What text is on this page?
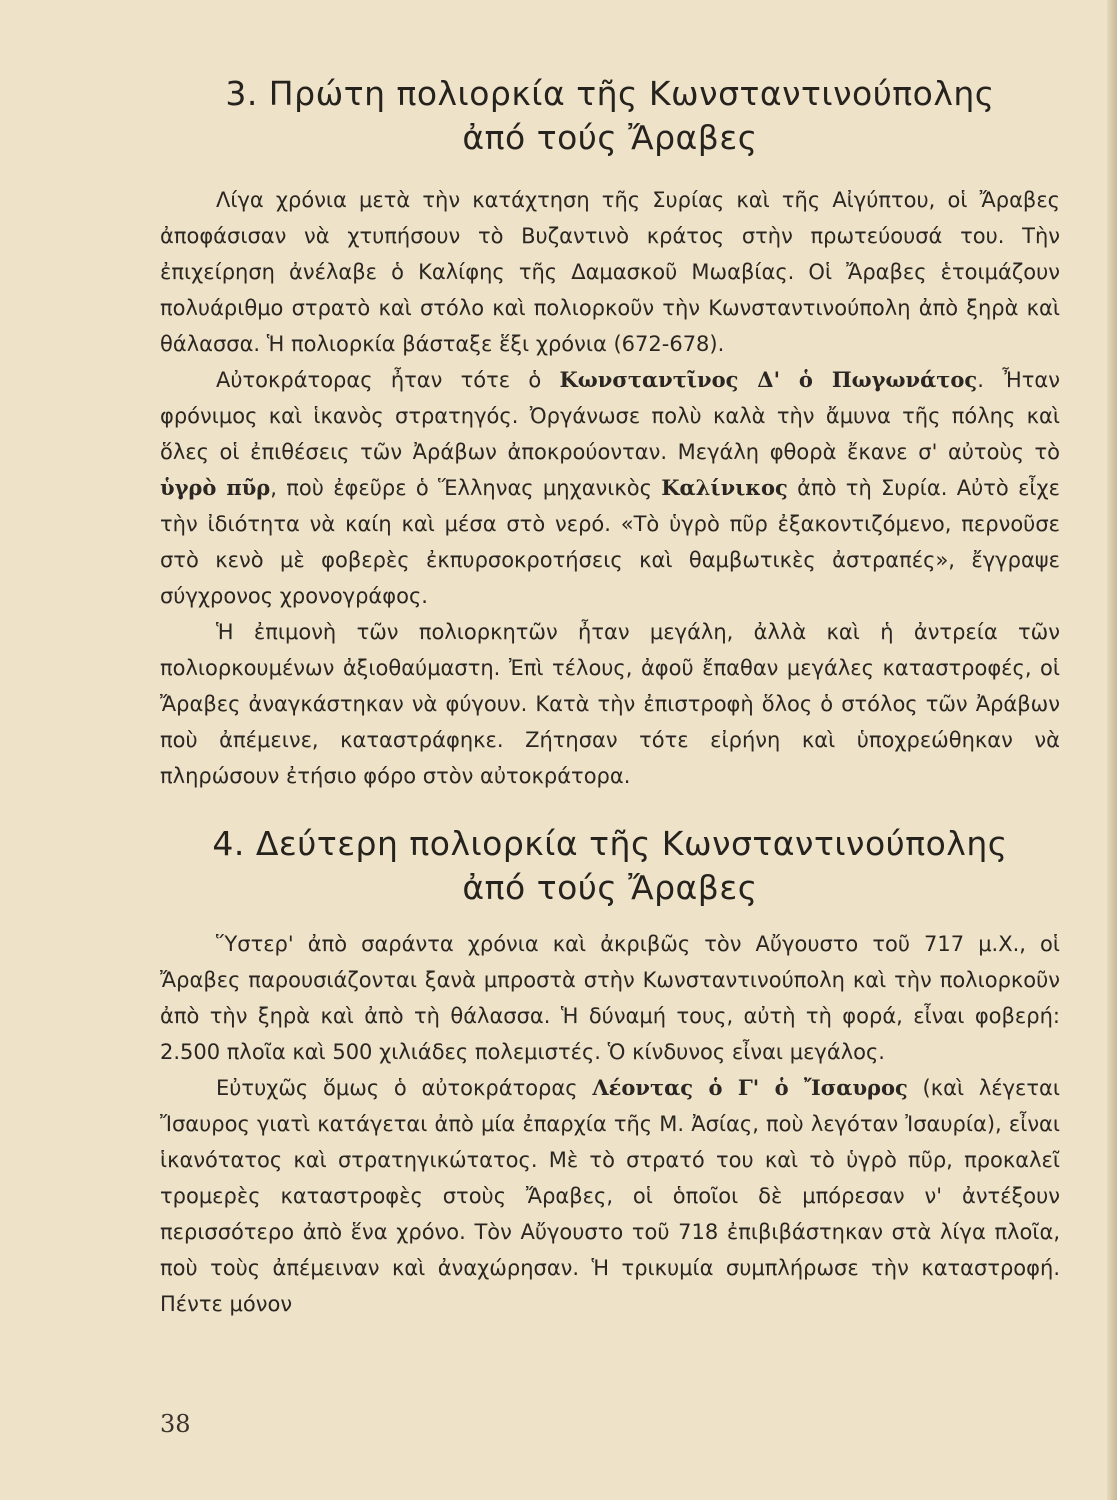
3. Πρώτη πολιορκία τῆς Κωνσταντινούπολης
ἀπό τούς Ἄραβες

Λίγα χρόνια μετὰ τὴν κατάχτηση τῆς Συρίας καὶ τῆς Αἰγύπτου, οἱ Ἄραβες ἀποφάσισαν νὰ χτυπήσουν τὸ Βυζαντινὸ κράτος στὴν πρωτεύουσά του. Τὴν ἐπιχείρηση ἀνέλαβε ὁ Καλίφης τῆς Δαμασκοῦ Μωαβίας. Οἱ Ἄραβες ἑτοιμάζουν πολυάριθμο στρατὸ καὶ στόλο καὶ πολιορκοῦν τὴν Κωνσταντινούπολη ἀπὸ ξηρὰ καὶ θάλασσα. Ἡ πολιορκία βάσταξε ἕξι χρόνια (672-678).

Αὐτοκράτορας ἦταν τότε ὁ Κωνσταντῖνος Δ' ὁ Πωγωνάτος. Ἦταν φρόνιμος καὶ ἱκανὸς στρατηγός. Ὀργάνωσε πολὺ καλὰ τὴν ἄμυνα τῆς πόλης καὶ ὅλες οἱ ἐπιθέσεις τῶν Ἀράβων ἀποκρούονταν. Μεγάλη φθορὰ ἔκανε σ' αὐτοὺς τὸ ὑγρὸ πῦρ, ποὺ ἐφεῦρε ὁ Ἕλληνας μηχανικὸς Καλίνικος ἀπὸ τὴ Συρία. Αὐτὸ εἶχε τὴν ἰδιότητα νὰ καίη καὶ μέσα στὸ νερό. «Τὸ ὑγρὸ πῦρ ἐξακοντιζόμενο, περνοῦσε στὸ κενὸ μὲ φοβερὲς ἐκπυρσοκροτήσεις καὶ θαμβωτικὲς ἀστραπές», ἔγγραψε σύγχρονος χρονογράφος.

Ἡ ἐπιμονὴ τῶν πολιορκητῶν ἦταν μεγάλη, ἀλλὰ καὶ ἡ ἀντρεία τῶν πολιορκουμένων ἀξιοθαύμαστη. Ἐπὶ τέλους, ἀφοῦ ἔπαθαν μεγάλες καταστροφές, οἱ Ἄραβες ἀναγκάστηκαν νὰ φύγουν. Κατὰ τὴν ἐπιστροφὴ ὅλος ὁ στόλος τῶν Ἀράβων ποὺ ἀπέμεινε, καταστράφηκε. Ζήτησαν τότε εἰρήνη καὶ ὑποχρεώθηκαν νὰ πληρώσουν ἐτήσιο φόρο στὸν αὐτοκράτορα.

4. Δεύτερη πολιορκία τῆς Κωνσταντινούπολης
ἀπό τούς Ἄραβες

Ὕστερ' ἀπὸ σαράντα χρόνια καὶ ἀκριβῶς τὸν Αὔγουστο τοῦ 717 μ.Χ., οἱ Ἄραβες παρουσιάζονται ξανὰ μπροστὰ στὴν Κωνσταντινούπολη καὶ τὴν πολιορκοῦν ἀπὸ τὴν ξηρὰ καὶ ἀπὸ τὴ θάλασσα. Ἡ δύναμή τους, αὐτὴ τὴ φορά, εἶναι φοβερή: 2.500 πλοῖα καὶ 500 χιλιάδες πολεμιστές. Ὁ κίνδυνος εἶναι μεγάλος.

Εὐτυχῶς ὅμως ὁ αὐτοκράτορας Λέοντας ὁ Γ' ὁ Ἴσαυρος (καὶ λέγεται Ἴσαυρος γιατὶ κατάγεται ἀπὸ μία ἐπαρχία τῆς Μ. Ἀσίας, ποὺ λεγόταν Ἰσαυρία), εἶναι ἱκανότατος καὶ στρατηγικώτατος. Μὲ τὸ στρατό του καὶ τὸ ὑγρὸ πῦρ, προκαλεῖ τρομερὲς καταστροφὲς στοὺς Ἄραβες, οἱ ὁποῖοι δὲ μπόρεσαν ν' ἀντέξουν περισσότερο ἀπὸ ἕνα χρόνο. Τὸν Αὔγουστο τοῦ 718 ἐπιβιβάστηκαν στὰ λίγα πλοῖα, ποὺ τοὺς ἀπέμειναν καὶ ἀναχώρησαν. Ἡ τρικυμία συμπλήρωσε τὴν καταστροφή. Πέντε μόνον

38
